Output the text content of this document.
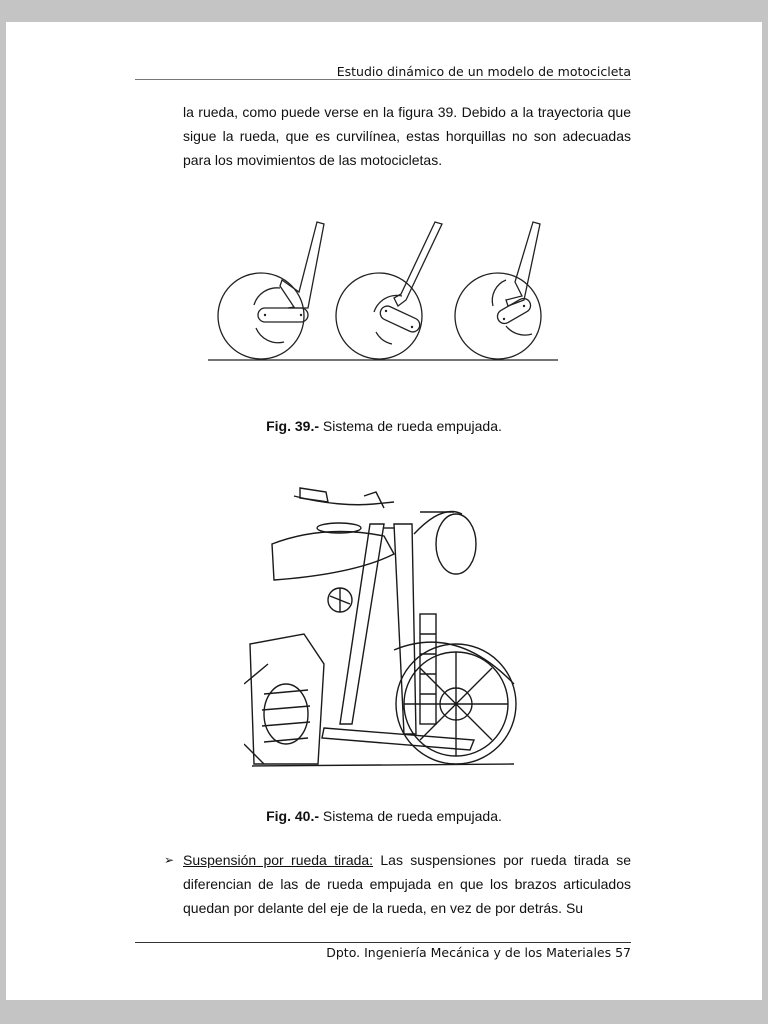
Estudio dinámico de un modelo de motocicleta

la rueda, como puede verse en la figura 39. Debido a la trayectoria que sigue la rueda, que es curvilínea, estas horquillas no son adecuadas para los movimientos de las motocicletas.

Fig. 39.- Sistema de rueda empujada.
Fig. 40.- Sistema de rueda empujada.
➢ Suspensión por rueda tirada: Las suspensiones por rueda tirada se diferencian de las de rueda empujada en que los brazos articulados quedan por delante del eje de la rueda, en vez de por detrás. Su
Dpto. Ingeniería Mecánica y de los Materiales 57
